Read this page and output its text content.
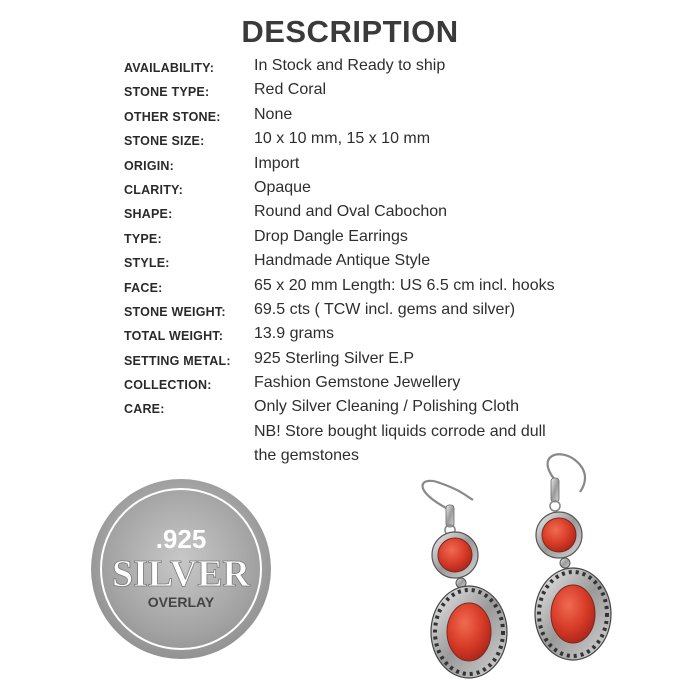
DESCRIPTION
AVAILABILITY: In Stock and Ready to ship
STONE TYPE:	Red Coral
OTHER STONE: None
STONE SIZE:	10 x 10 mm, 15 x 10 mm
ORIGIN:	Import
CLARITY:	Opaque
SHAPE:	Round and Oval Cabochon
TYPE:	Drop Dangle Earrings
STYLE:	Handmade Antique Style
FACE:	65 x 20 mm Length: US 6.5 cm incl. hooks
STONE WEIGHT: 69.5 cts ( TCW incl. gems and silver)
TOTAL WEIGHT: 13.9 grams
SETTING METAL: 925 Sterling Silver E.P
COLLECTION:	Fashion Gemstone Jewellery
CARE:	Only Silver Cleaning / Polishing Cloth
NB! Store bought liquids corrode and dull
the gemstones
.925
SILVER
OVERLAY
